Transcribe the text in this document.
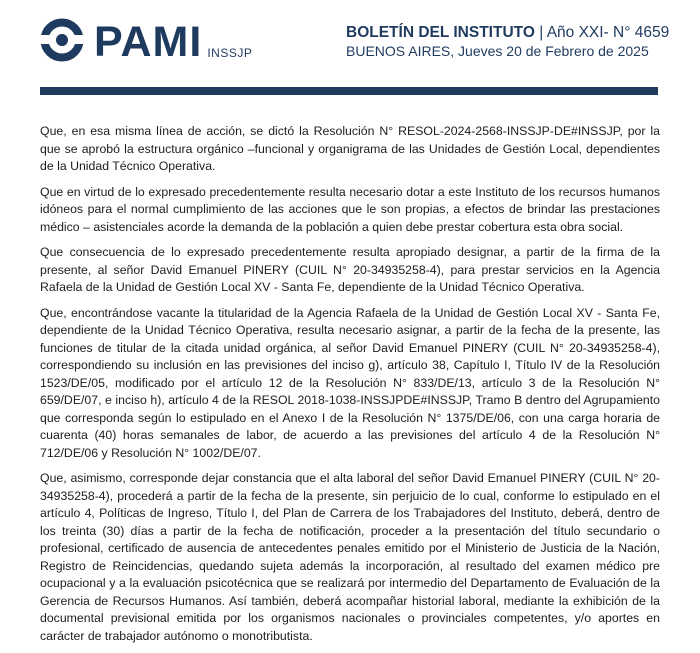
PAMI INSSJP
BOLETÍN DEL INSTITUTO | Año XXI- N° 4659
BUENOS AIRES, Jueves 20 de Febrero de 2025

Que, en esa misma línea de acción, se dictó la Resolución N° RESOL-2024-2568-INSSJP-DE#INSSJP, por la que se aprobó la estructura orgánico –funcional y organigrama de las Unidades de Gestión Local, dependientes de la Unidad Técnico Operativa.

Que en virtud de lo expresado precedentemente resulta necesario dotar a este Instituto de los recursos humanos idóneos para el normal cumplimiento de las acciones que le son propias, a efectos de brindar las prestaciones médico – asistenciales acorde la demanda de la población a quien debe prestar cobertura esta obra social.

Que consecuencia de lo expresado precedentemente resulta apropiado designar, a partir de la firma de la presente, al señor David Emanuel PINERY (CUIL N° 20-34935258-4), para prestar servicios en la Agencia Rafaela de la Unidad de Gestión Local XV - Santa Fe, dependiente de la Unidad Técnico Operativa.

Que, encontrándose vacante la titularidad de la Agencia Rafaela de la Unidad de Gestión Local XV - Santa Fe, dependiente de la Unidad Técnico Operativa, resulta necesario asignar, a partir de la fecha de la presente, las funciones de titular de la citada unidad orgánica, al señor David Emanuel PINERY (CUIL N° 20-34935258-4), correspondiendo su inclusión en las previsiones del inciso g), artículo 38, Capítulo I, Título IV de la Resolución 1523/DE/05, modificado por el artículo 12 de la Resolución N° 833/DE/13, artículo 3 de la Resolución N° 659/DE/07, e inciso h), artículo 4 de la RESOL 2018-1038-INSSJPDE#INSSJP, Tramo B dentro del Agrupamiento que corresponda según lo estipulado en el Anexo I de la Resolución N° 1375/DE/06, con una carga horaria de cuarenta (40) horas semanales de labor, de acuerdo a las previsiones del artículo 4 de la Resolución N° 712/DE/06 y Resolución N° 1002/DE/07.

Que, asimismo, corresponde dejar constancia que el alta laboral del señor David Emanuel PINERY (CUIL N° 20- 34935258-4), procederá a partir de la fecha de la presente, sin perjuicio de lo cual, conforme lo estipulado en el artículo 4, Políticas de Ingreso, Título I, del Plan de Carrera de los Trabajadores del Instituto, deberá, dentro de los treinta (30) días a partir de la fecha de notificación, proceder a la presentación del título secundario o profesional, certificado de ausencia de antecedentes penales emitido por el Ministerio de Justicia de la Nación, Registro de Reincidencias, quedando sujeta además la incorporación, al resultado del examen médico pre ocupacional y a la evaluación psicotécnica que se realizará por intermedio del Departamento de Evaluación de la Gerencia de Recursos Humanos. Así también, deberá acompañar historial laboral, mediante la exhibición de la documental previsional emitida por los organismos nacionales o provinciales competentes, y/o aportes en carácter de trabajador autónomo o monotributista.
